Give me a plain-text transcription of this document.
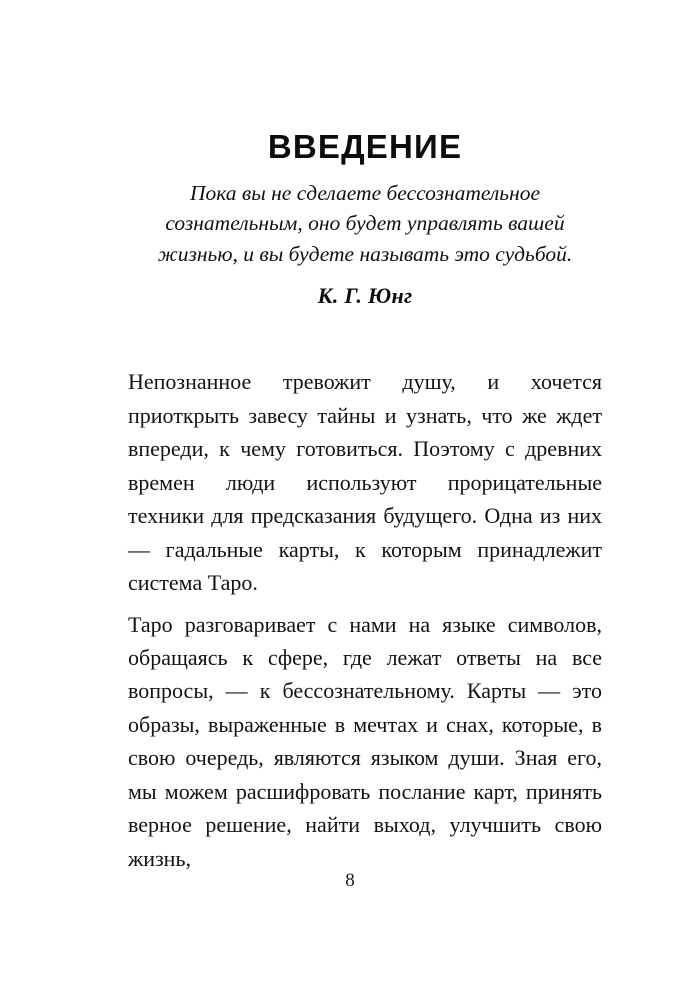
ВВЕДЕНИЕ
Пока вы не сделаете бессознательное сознательным, оно будет управлять вашей жизнью, и вы будете называть это судьбой.
К. Г. Юнг

Непознанное тревожит душу, и хочется приоткрыть завесу тайны и узнать, что же ждет впереди, к чему готовиться. Поэтому с древних времен люди используют прорицательные техники для предсказания будущего. Одна из них — гадальные карты, к которым принадлежит система Таро.

Таро разговаривает с нами на языке символов, обращаясь к сфере, где лежат ответы на все вопросы, — к бессознательному. Карты — это образы, выраженные в мечтах и снах, которые, в свою очередь, являются языком души. Зная его, мы можем расшифровать послание карт, принять верное решение, найти выход, улучшить свою жизнь,

8
